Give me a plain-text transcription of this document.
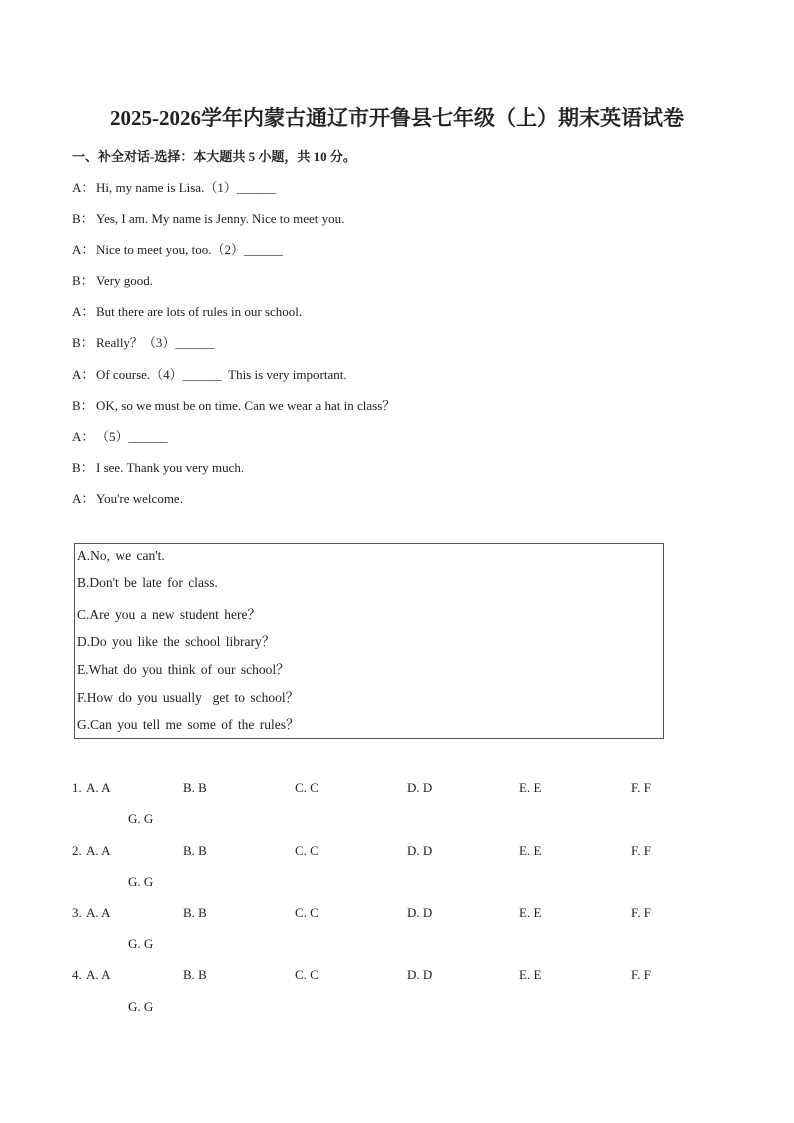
2025-2026学年内蒙古通辽市开鲁县七年级（上）期末英语试卷
一、补全对话-选择：本大题共 5 小题，共 10 分。
A： Hi, my name is Lisa.（1）______
B： Yes, I am. My name is Jenny. Nice to meet you.
A： Nice to meet you, too.（2）______
B： Very good.
A： But there are lots of rules in our school.
B： Really？（3）______
A： Of course.（4）______  This is very important.
B： OK, so we must be on time. Can we wear a hat in class？
A： （5）______
B： I see. Thank you very much.
A： You're welcome.
A.No, we can't.
B.Don't be late for class.
C.Are you a new student here？
D.Do you like the school library？
E.What do you think of our school？
F.How do you usually  get to school？
G.Can you tell me some of the rules？
1. A. A	B. B	C. C	D. D	E. E	F. F
G. G
2. A. A	B. B	C. C	D. D	E. E	F. F
G. G
3. A. A	B. B	C. C	D. D	E. E	F. F
G. G
4. A. A	B. B	C. C	D. D	E. E	F. F
G. G
